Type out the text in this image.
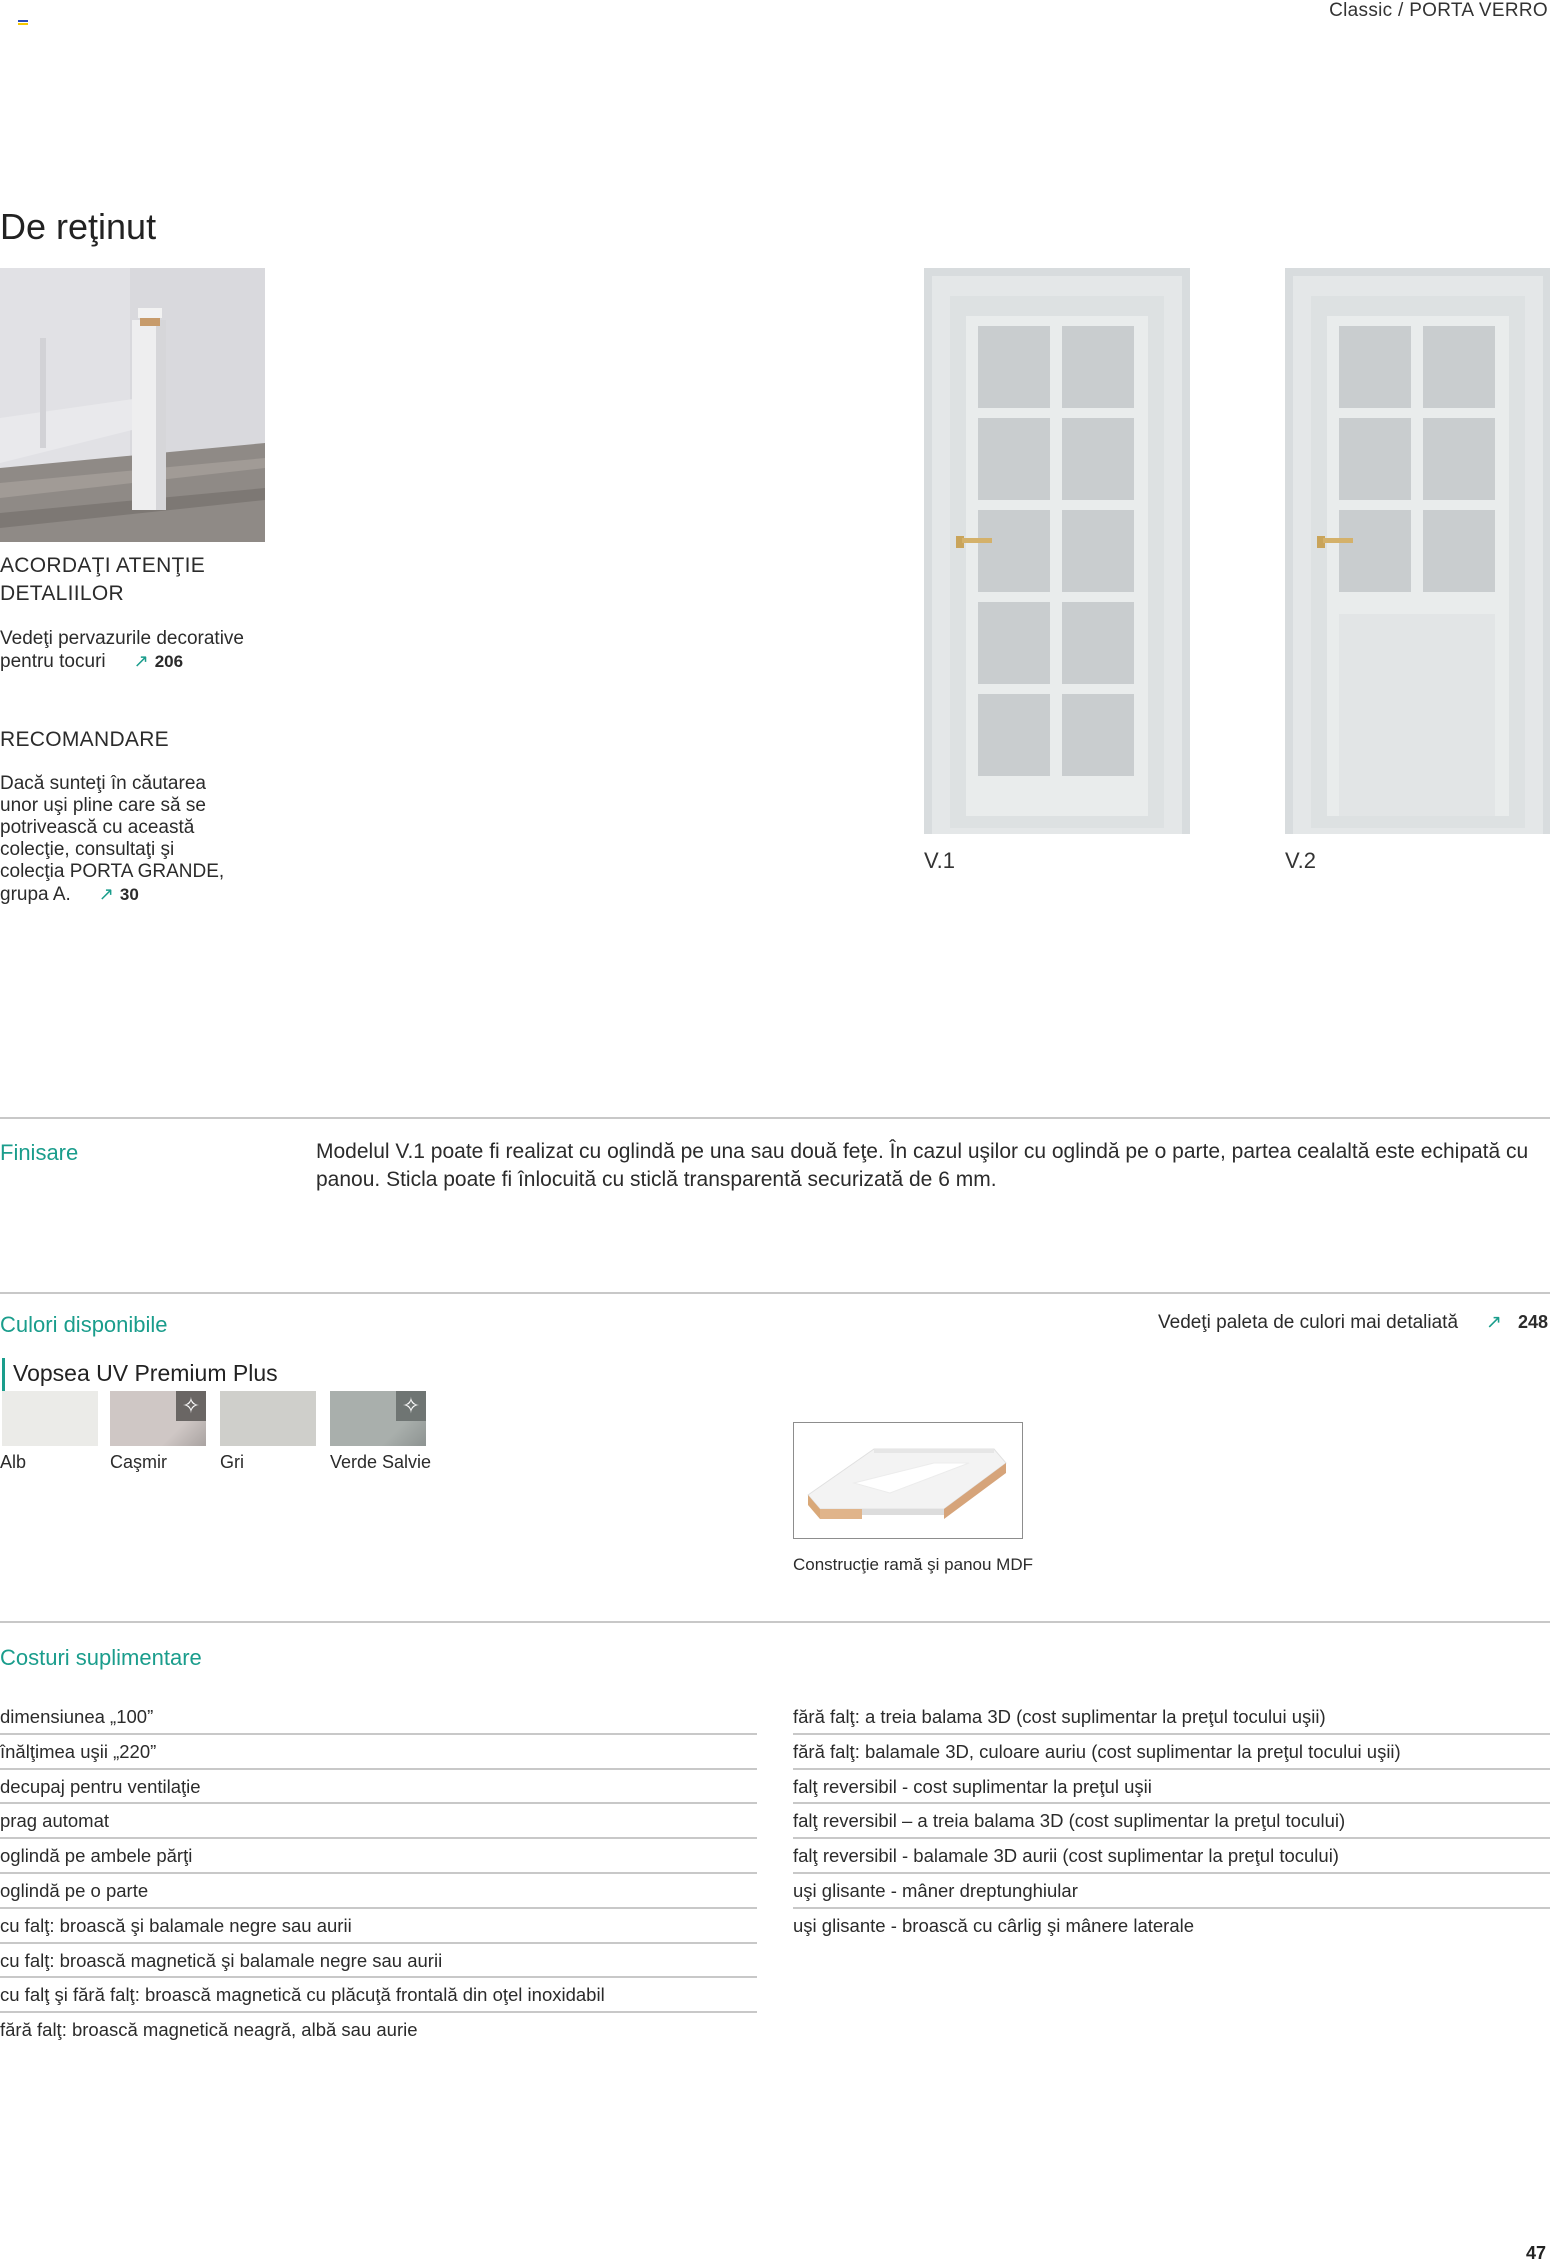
Classic / PORTA VERRO
De reţinut
ACORDAŢI ATENŢIE
DETALIILOR
Vedeţi pervazurile decorative
pentru tocuri ↗ 206
RECOMANDARE
Dacă sunteţi în căutarea
unor uşi pline care să se
potrivească cu această
colecţie, consultaţi şi
colecţia PORTA GRANDE,
grupa A. ↗ 30
V.1	V.2
Finisare	Modelul V.1 poate fi realizat cu oglindă pe una sau două feţe. În cazul uşilor cu oglindă pe o parte, partea cealaltă este echipată cu panou. Sticla poate fi înlocuită cu sticlă transparentă securizată de 6 mm.
Culori disponibile	Vedeţi paleta de culori mai detaliată ↗ 248
Vopsea UV Premium Plus
✧	✧
Alb	Caşmir	Gri	Verde Salvie
Construcţie ramă şi panou MDF
Costuri suplimentare
dimensiunea „100”
înălţimea uşii „220”
decupaj pentru ventilaţie
prag automat
oglindă pe ambele părţi
oglindă pe o parte
cu falţ: broască şi balamale negre sau aurii
cu falţ: broască magnetică şi balamale negre sau aurii
cu falţ şi fără falţ: broască magnetică cu plăcuţă frontală din oţel inoxidabil
fără falţ: broască magnetică neagră, albă sau aurie
fără falţ: a treia balama 3D (cost suplimentar la preţul tocului uşii)
fără falţ: balamale 3D, culoare auriu (cost suplimentar la preţul tocului uşii)
falţ reversibil - cost suplimentar la preţul uşii
falţ reversibil – a treia balama 3D (cost suplimentar la preţul tocului)
falţ reversibil - balamale 3D aurii (cost suplimentar la preţul tocului)
uşi glisante - mâner dreptunghiular
uşi glisante - broască cu cârlig şi mânere laterale
47
